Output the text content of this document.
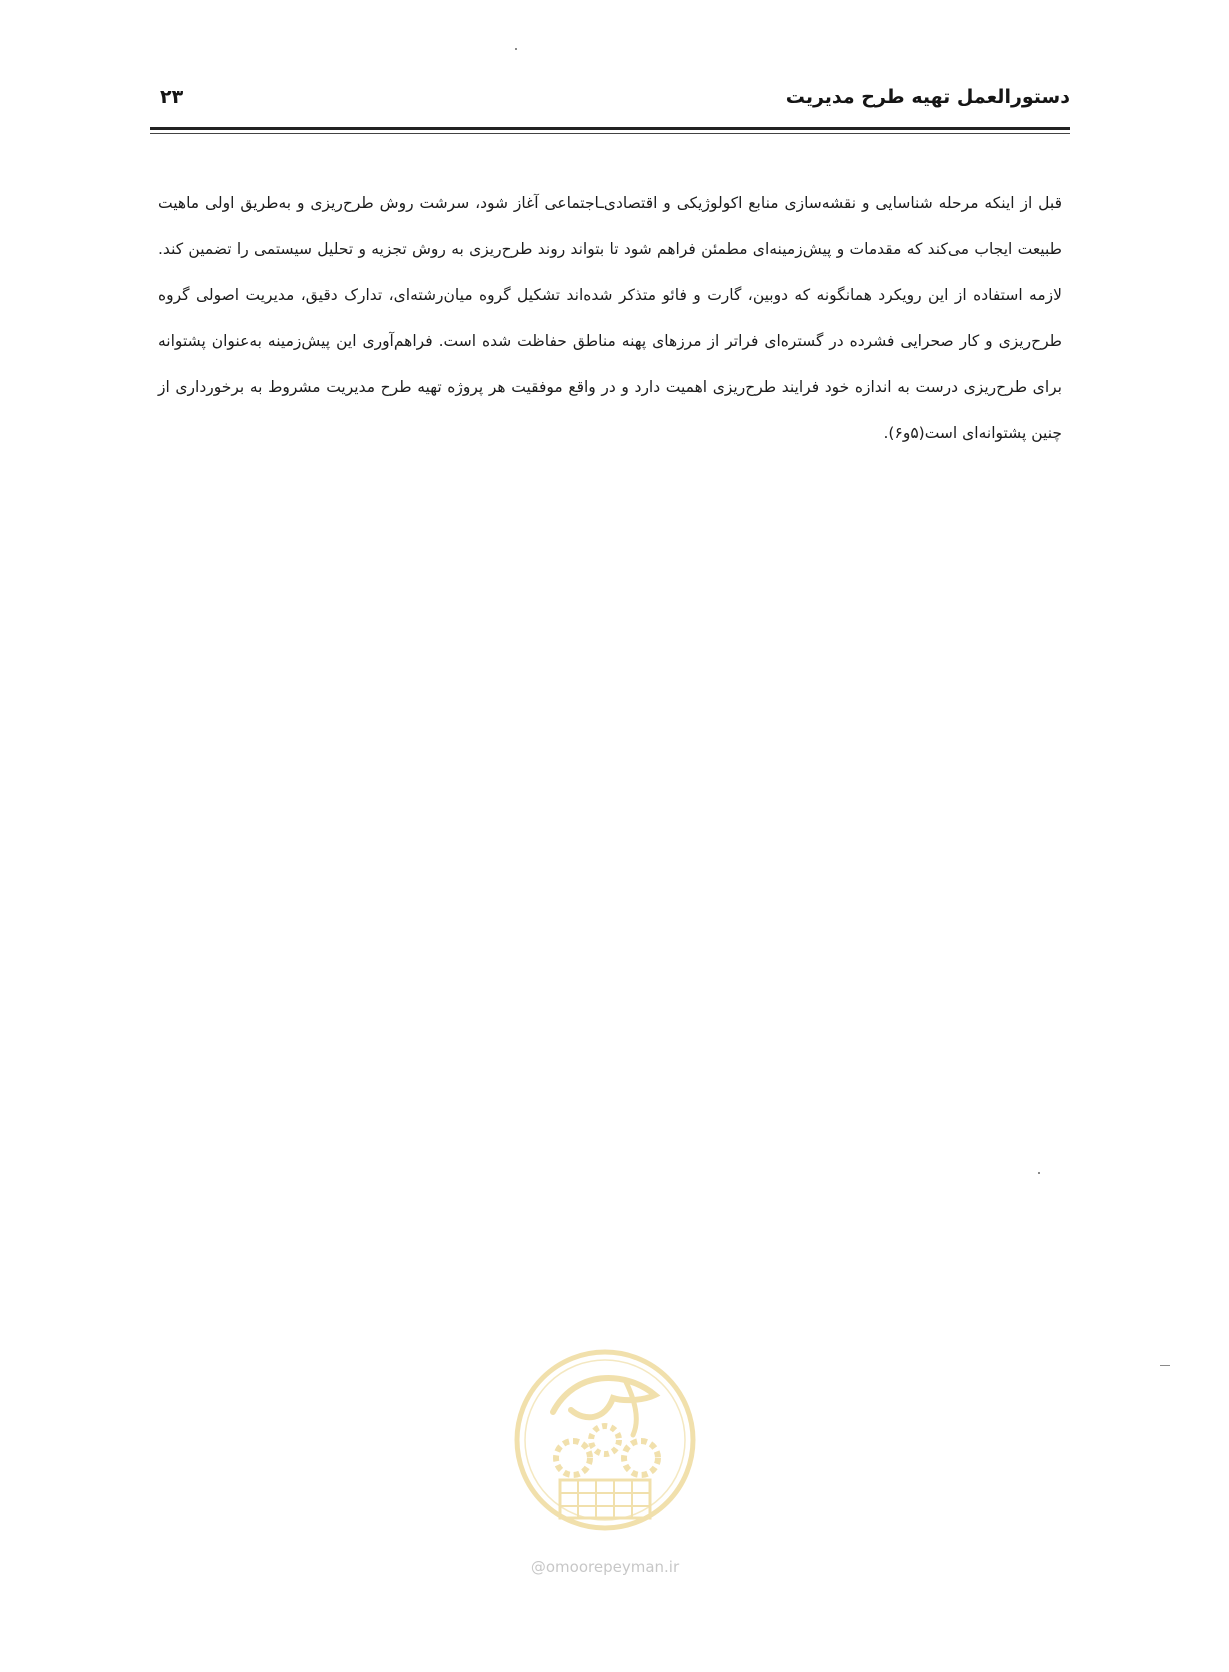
دستورالعمل تهیه طرح مدیریت
۲۳

قبل از اینکه مرحله شناسایی و نقشه‌سازی منابع اکولوژیکی و اقتصادی‌ـاجتماعی آغاز شود، سرشت روش طرح‌ریزی و به‌طریق اولی ماهیت طبیعت ایجاب می‌کند که مقدمات و پیش‌زمینه‌ای مطمئن فراهم شود تا بتواند روند طرح‌ریزی به روش تجزیه و تحلیل سیستمی را تضمین کند. لازمه استفاده از این رویکرد همانگونه که دوبین، گارت و فائو متذکر شده‌اند تشکیل گروه میان‌رشته‌ای، تدارک دقیق، مدیریت اصولی گروه طرح‌ریزی و کار صحرایی فشرده در گستره‌ای فراتر از مرزهای پهنه مناطق حفاظت شده است. فراهم‌آوری این پیش‌زمینه به‌عنوان پشتوانه برای طرح‌ریزی درست به اندازه خود فرایند طرح‌ریزی اهمیت دارد و در واقع موفقیت هر پروژه تهیه طرح مدیریت مشروط به برخورداری از چنین پشتوانه‌ای است(۵و۶).

@omoorepeyman.ir
